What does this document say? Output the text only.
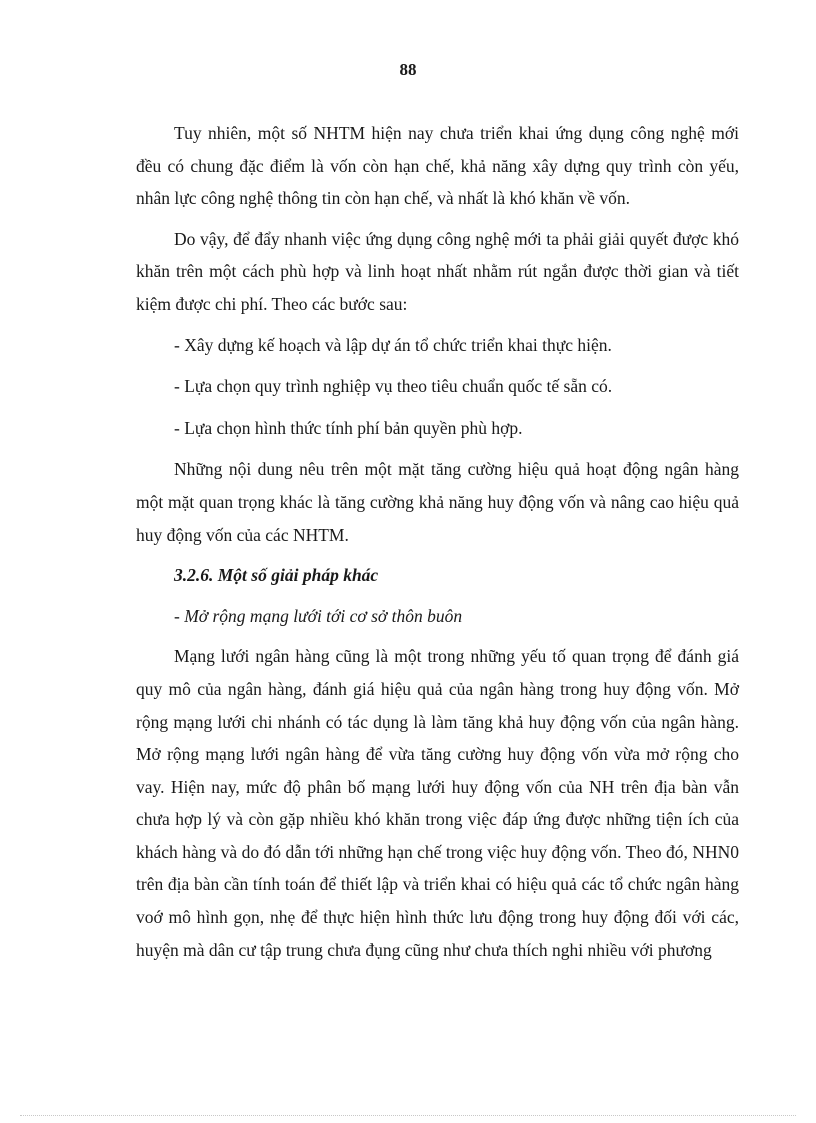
88

Tuy nhiên, một số NHTM hiện nay chưa triển khai ứng dụng công nghệ mới đều có chung đặc điểm là vốn còn hạn chế, khả năng xây dựng quy trình còn yếu, nhân lực công nghệ thông tin còn hạn chế, và nhất là khó khăn về vốn.

Do vậy, để đẩy nhanh việc ứng dụng công nghệ mới ta phải giải quyết được khó khăn trên một cách phù hợp và linh hoạt nhất nhằm rút ngắn được thời gian và tiết kiệm được chi phí. Theo các bước sau:

- Xây dựng kế hoạch và lập dự án tổ chức triển khai thực hiện.

- Lựa chọn quy trình nghiệp vụ theo tiêu chuẩn quốc tế sẵn có.

- Lựa chọn hình thức tính phí bản quyền phù hợp.

Những nội dung nêu trên một mặt tăng cường hiệu quả hoạt động ngân hàng một mặt quan trọng khác là tăng cường khả năng huy động vốn và nâng cao hiệu quả huy động vốn của các NHTM.

3.2.6. Một số giải pháp khác

- Mở rộng mạng lưới tới cơ sở thôn buôn

Mạng lưới ngân hàng cũng là một trong những yếu tố quan trọng để đánh giá quy mô của ngân hàng, đánh giá hiệu quả của ngân hàng trong huy động vốn. Mở rộng mạng lưới chi nhánh có tác dụng là làm tăng khả huy động vốn của ngân hàng. Mở rộng mạng lưới ngân hàng để vừa tăng cường huy động vốn vừa mở rộng cho vay. Hiện nay, mức độ phân bố mạng lưới huy động vốn của NH trên địa bàn vẫn chưa hợp lý và còn gặp nhiều khó khăn trong việc đáp ứng được những tiện ích của khách hàng và do đó dẫn tới những hạn chế trong việc huy động vốn. Theo đó, NHN0 trên địa bàn cần tính toán để thiết lập và triển khai có hiệu quả các tổ chức ngân hàng voớ mô hình gọn, nhẹ để thực hiện hình thức lưu động trong huy động đối với các, huyện mà dân cư tập trung chưa đụng cũng như chưa thích nghi nhiều với phương
